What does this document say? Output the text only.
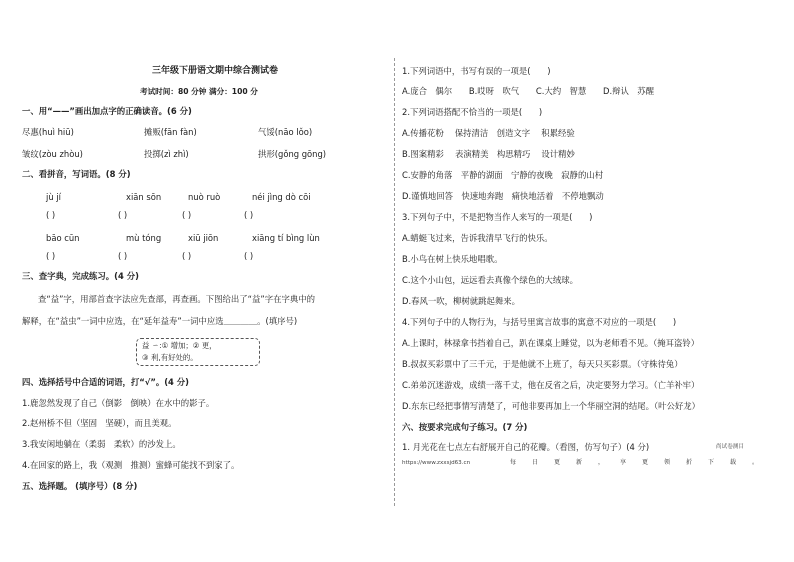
三年级下册语文期中综合测试卷
考试时间：80 分钟 满分：100 分
一、用“——”画出加点字的正确读音。(6 分)
尽惠(huì hiū)	摊贩(fān fàn)	气馁(nāo lǒo)
皱纹(zòu zhòu)	投掷(zì zhì)	拱形(gǒng gōng)
二、看拼音，写词语。(8 分)
jù jí	xiān sōn	nuò ruò	néi jìng dò cōi
( )	( )	( )	( )
bāo cūn	mù tóng	xiū jiōn	xiāng tí bìng lùn
( )	( )	( )	( )
三、查字典，完成练习。(4 分)
查“益”字，用部首查字法应先查部，再查画。下图给出了“益”字在字典中的
解释，在“益虫”一词中应选，在“延年益寿”一词中应选＿＿＿＿。(填序号)
益 ㄧ:① 增加；② 更，
③ 利,有好处的。
四、选择括号中合适的词语，打“√”。(4 分)
1.鹿忽然发现了自己（倒影　倒映）在水中的影子。
2.赵州桥不但（坚固　坚硬），而且美观。
3.我安闲地躺在（柔弱　柔软）的沙发上。
4.在回家的路上，我（观测　推测）蜜蜂可能找不到家了。
五、选择题。 (填序号）(8 分)
1.下列词语中，书写有误的一项是(　　)
A.庞合　偶尔　　B.哎呀　吹气　　C.大约　智慧　　D.辩认　苏醒
2.下列词语搭配不恰当的一项是(　　)
A.传播花粉　 保持清洁　创造文字　 积累经验
B.图案精彩　 表演精美　构思精巧　 设计精妙
C.安静的角落　平静的湖面　宁静的夜晚　寂静的山村
D.谨慎地回答　快速地奔跑　痛快地活着　不停地飘动
3.下列句子中，不是把物当作人来写的一项是(　　)
A.蜻蜓飞过来，告诉我清早飞行的快乐。
B.小鸟在树上快乐地唱歌。
C.这个小山包，远远看去真像个绿色的大绒球。
D.春风一吹，柳树就跳起舞来。
4.下列句子中的人物行为，与括号里寓言故事的寓意不对应的一项是(　　)
A.上课时，林禄拿书挡着自己，趴在课桌上睡觉，以为老师看不见。（掩耳盗铃）
B.叔叔买彩票中了三千元，于是他就不上班了，每天只买彩票。（守株待兔）
C.弟弟沉迷游戏，成绩一落千丈，他在反省之后，决定要努力学习。（亡羊补牢）
D.东东已经把事情写清楚了，可他非要再加上一个华丽空洞的结尾。（叶公好龙）
六、按要求完成句子练习。(7 分)
1. 月光花在七点左右舒展开自己的花瓣。（看图，仿写句子）(4 分)	尚试卷测目
https://www.zxxsjd63.cn	每日更新，享更领折下载。
